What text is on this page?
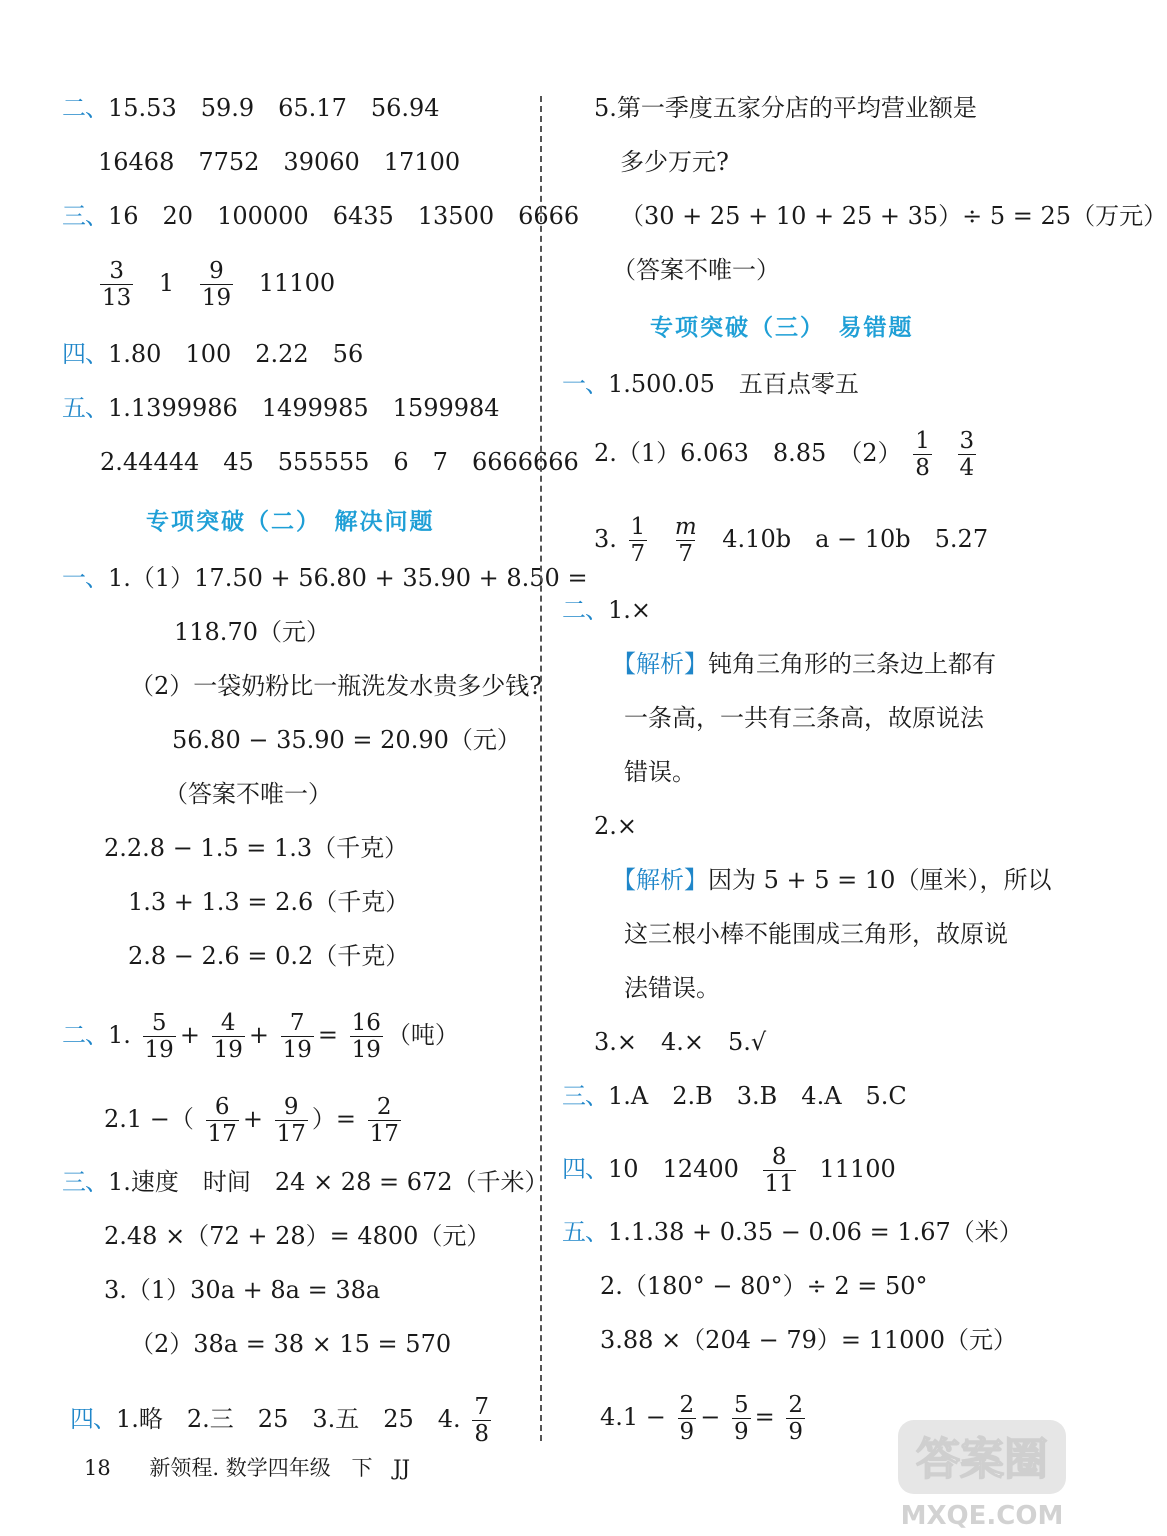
二、15.53　59.9　65.17　56.94
16468　7752　39060　17100
三、16　20　100000　6435　13500　6666
$\frac{3}{13} 1 \frac{9}{19} 11100$
四、1.80　100　2.22　56
五、1.1399986　1499985　1599984
2.44444　45　555555　6　7　6666666
专项突破（二）　解决问题
一、1.（1）17.50 + 56.80 + 35.90 + 8.50 =
118.70（元）
（2）一袋奶粉比一瓶洗发水贵多少钱?
56.80 − 35.90 = 20.90（元）
（答案不唯一）
2.2.8 − 1.5 = 1.3（千克）
1.3 + 1.3 = 2.6（千克）
2.8 − 2.6 = 0.2（千克）
二、1. $\frac{5}{19} + \frac{4}{19} + \frac{7}{19} = \frac{16}{19}$ （吨）
2.1 −（ $\frac{6}{17} + \frac{9}{17}$ ）= $\frac{2}{17}$
三、1.速度　时间　24 × 28 = 672（千米）
2.48 ×（72 + 28）= 4800（元）
3.（1）30a + 8a = 38a
（2）38a = 38 × 15 = 570
四、1.略　2.三　25　3.五　25　4. $\frac{7}{8}$
5.第一季度五家分店的平均营业额是
多少万元?
（30 + 25 + 10 + 25 + 35）÷ 5 = 25（万元）
（答案不唯一）
专项突破（三）　易错题
一、1.500.05　五百点零五
2.（1）6.063　8.85　$(2) \frac{1}{8}$
$\frac{3}{4}$
3. $\frac{1}{7}$
$\frac{m}{7} 4.10b$　a − 10b　5.27
二、1.×
【解析】钝角三角形的三条边上都有
一条高，一共有三条高，故原说法
错误。
2.×
【解析】因为 5 + 5 = 10（厘米），所以
这三根小棒不能围成三角形，故原说
法错误。
3.×　4.×　5.√
三、1.A　2.B　3.B　4.A　5.C
四、10　$12400 \frac{8}{11} 11100$
五、1.1.38 + 0.35 − 0.06 = 1.67（米）
2.（180° − 80°）÷ 2 = 50°
3.88 ×（204 − 79）= 11000（元）
$4.1 - \frac{2}{9} - \frac{5}{9} = \frac{2}{9}$
18 新领程. 数学四年级 下 JJ	答案圈
MXQE.COM
